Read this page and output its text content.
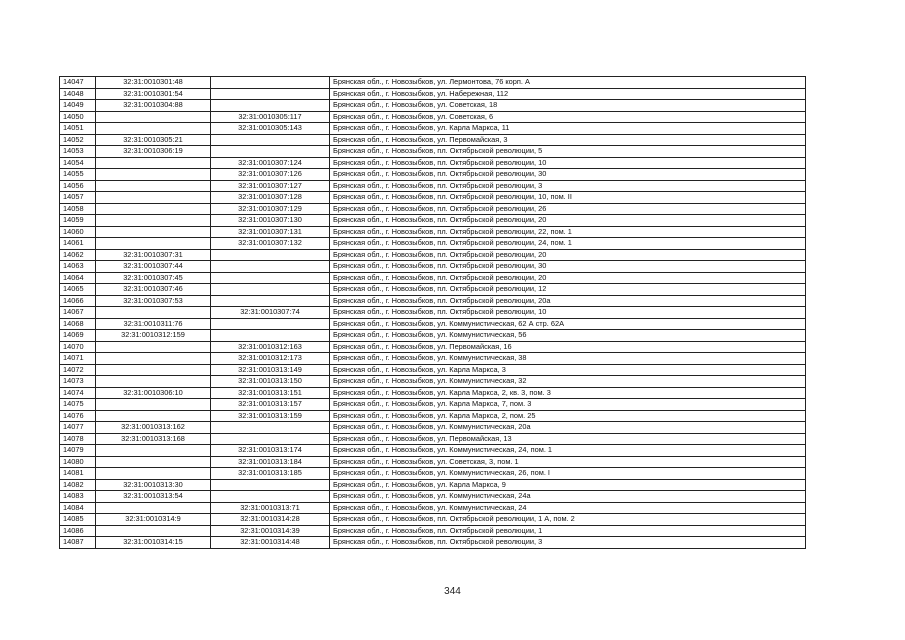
14047	32:31:0010301:48		Брянская обл., г. Новозыбков, ул. Лермонтова, 76 корп. А
14048	32:31:0010301:54		Брянская обл., г. Новозыбков, ул. Набережная, 112
14049	32:31:0010304:88		Брянская обл., г. Новозыбков, ул. Советская, 18
14050		32:31:0010305:117	Брянская обл., г. Новозыбков, ул. Советская, 6
14051		32:31:0010305:143	Брянская обл., г. Новозыбков, ул. Карла Маркса, 11
14052	32:31:0010305:21		Брянская обл., г. Новозыбков, ул. Первомайская, 3
14053	32:31:0010306:19		Брянская обл., г. Новозыбков, пл. Октябрьской революции, 5
14054		32:31:0010307:124	Брянская обл., г. Новозыбков, пл. Октябрьской революции, 10
14055		32:31:0010307:126	Брянская обл., г. Новозыбков, пл. Октябрьской революции, 30
14056		32:31:0010307:127	Брянская обл., г. Новозыбков, пл. Октябрьской революции, 3
14057		32:31:0010307:128	Брянская обл., г. Новозыбков, пл. Октябрьской революции, 10, пом. II
14058		32:31:0010307:129	Брянская обл., г. Новозыбков, пл. Октябрьской революции, 26
14059		32:31:0010307:130	Брянская обл., г. Новозыбков, пл. Октябрьской революции, 20
14060		32:31:0010307:131	Брянская обл., г. Новозыбков, пл. Октябрьской революции, 22, пом. 1
14061		32:31:0010307:132	Брянская обл., г. Новозыбков, пл. Октябрьской революции, 24, пом. 1
14062	32:31:0010307:31		Брянская обл., г. Новозыбков, пл. Октябрьской революции, 20
14063	32:31:0010307:44		Брянская обл., г. Новозыбков, пл. Октябрьской революции, 30
14064	32:31:0010307:45		Брянская обл., г. Новозыбков, пл. Октябрьской революции, 20
14065	32:31:0010307:46		Брянская обл., г. Новозыбков, пл. Октябрьской революции, 12
14066	32:31:0010307:53		Брянская обл., г. Новозыбков, пл. Октябрьской революции, 20а
14067		32:31:0010307:74	Брянская обл., г. Новозыбков, пл. Октябрьской революции, 10
14068	32:31:0010311:76		Брянская обл., г. Новозыбков, ул. Коммунистическая, 62 А стр. 62А
14069	32:31:0010312:159		Брянская обл., г. Новозыбков, ул. Коммунистическая, 56
14070		32:31:0010312:163	Брянская обл., г. Новозыбков, ул. Первомайская, 16
14071		32:31:0010312:173	Брянская обл., г. Новозыбков, ул. Коммунистическая, 38
14072		32:31:0010313:149	Брянская обл., г. Новозыбков, ул. Карла Маркса, 3
14073		32:31:0010313:150	Брянская обл., г. Новозыбков, ул. Коммунистическая, 32
14074	32:31:0010306:10	32:31:0010313:151	Брянская обл., г. Новозыбков, ул. Карла Маркса, 2, кв. 3, пом. 3
14075		32:31:0010313:157	Брянская обл., г. Новозыбков, ул. Карла Маркса, 7, пом. 3
14076		32:31:0010313:159	Брянская обл., г. Новозыбков, ул. Карла Маркса, 2, пом. 25
14077	32:31:0010313:162		Брянская обл., г. Новозыбков, ул. Коммунистическая, 20а
14078	32:31:0010313:168		Брянская обл., г. Новозыбков, ул. Первомайская, 13
14079		32:31:0010313:174	Брянская обл., г. Новозыбков, ул. Коммунистическая, 24, пом. 1
14080		32:31:0010313:184	Брянская обл., г. Новозыбков, ул. Советская, 3, пом. 1
14081		32:31:0010313:185	Брянская обл., г. Новозыбков, ул. Коммунистическая, 26, пом. I
14082	32:31:0010313:30		Брянская обл., г. Новозыбков, ул. Карла Маркса, 9
14083	32:31:0010313:54		Брянская обл., г. Новозыбков, ул. Коммунистическая, 24а
14084		32:31:0010313:71	Брянская обл., г. Новозыбков, ул. Коммунистическая, 24
14085	32:31:0010314:9	32:31:0010314:28	Брянская обл., г. Новозыбков, пл. Октябрьской революции, 1 А, пом. 2
14086		32:31:0010314:39	Брянская обл., г. Новозыбков, пл. Октябрьской революции, 1
14087	32:31:0010314:15	32:31:0010314:48	Брянская обл., г. Новозыбков, пл. Октябрьской революции, 3
344
